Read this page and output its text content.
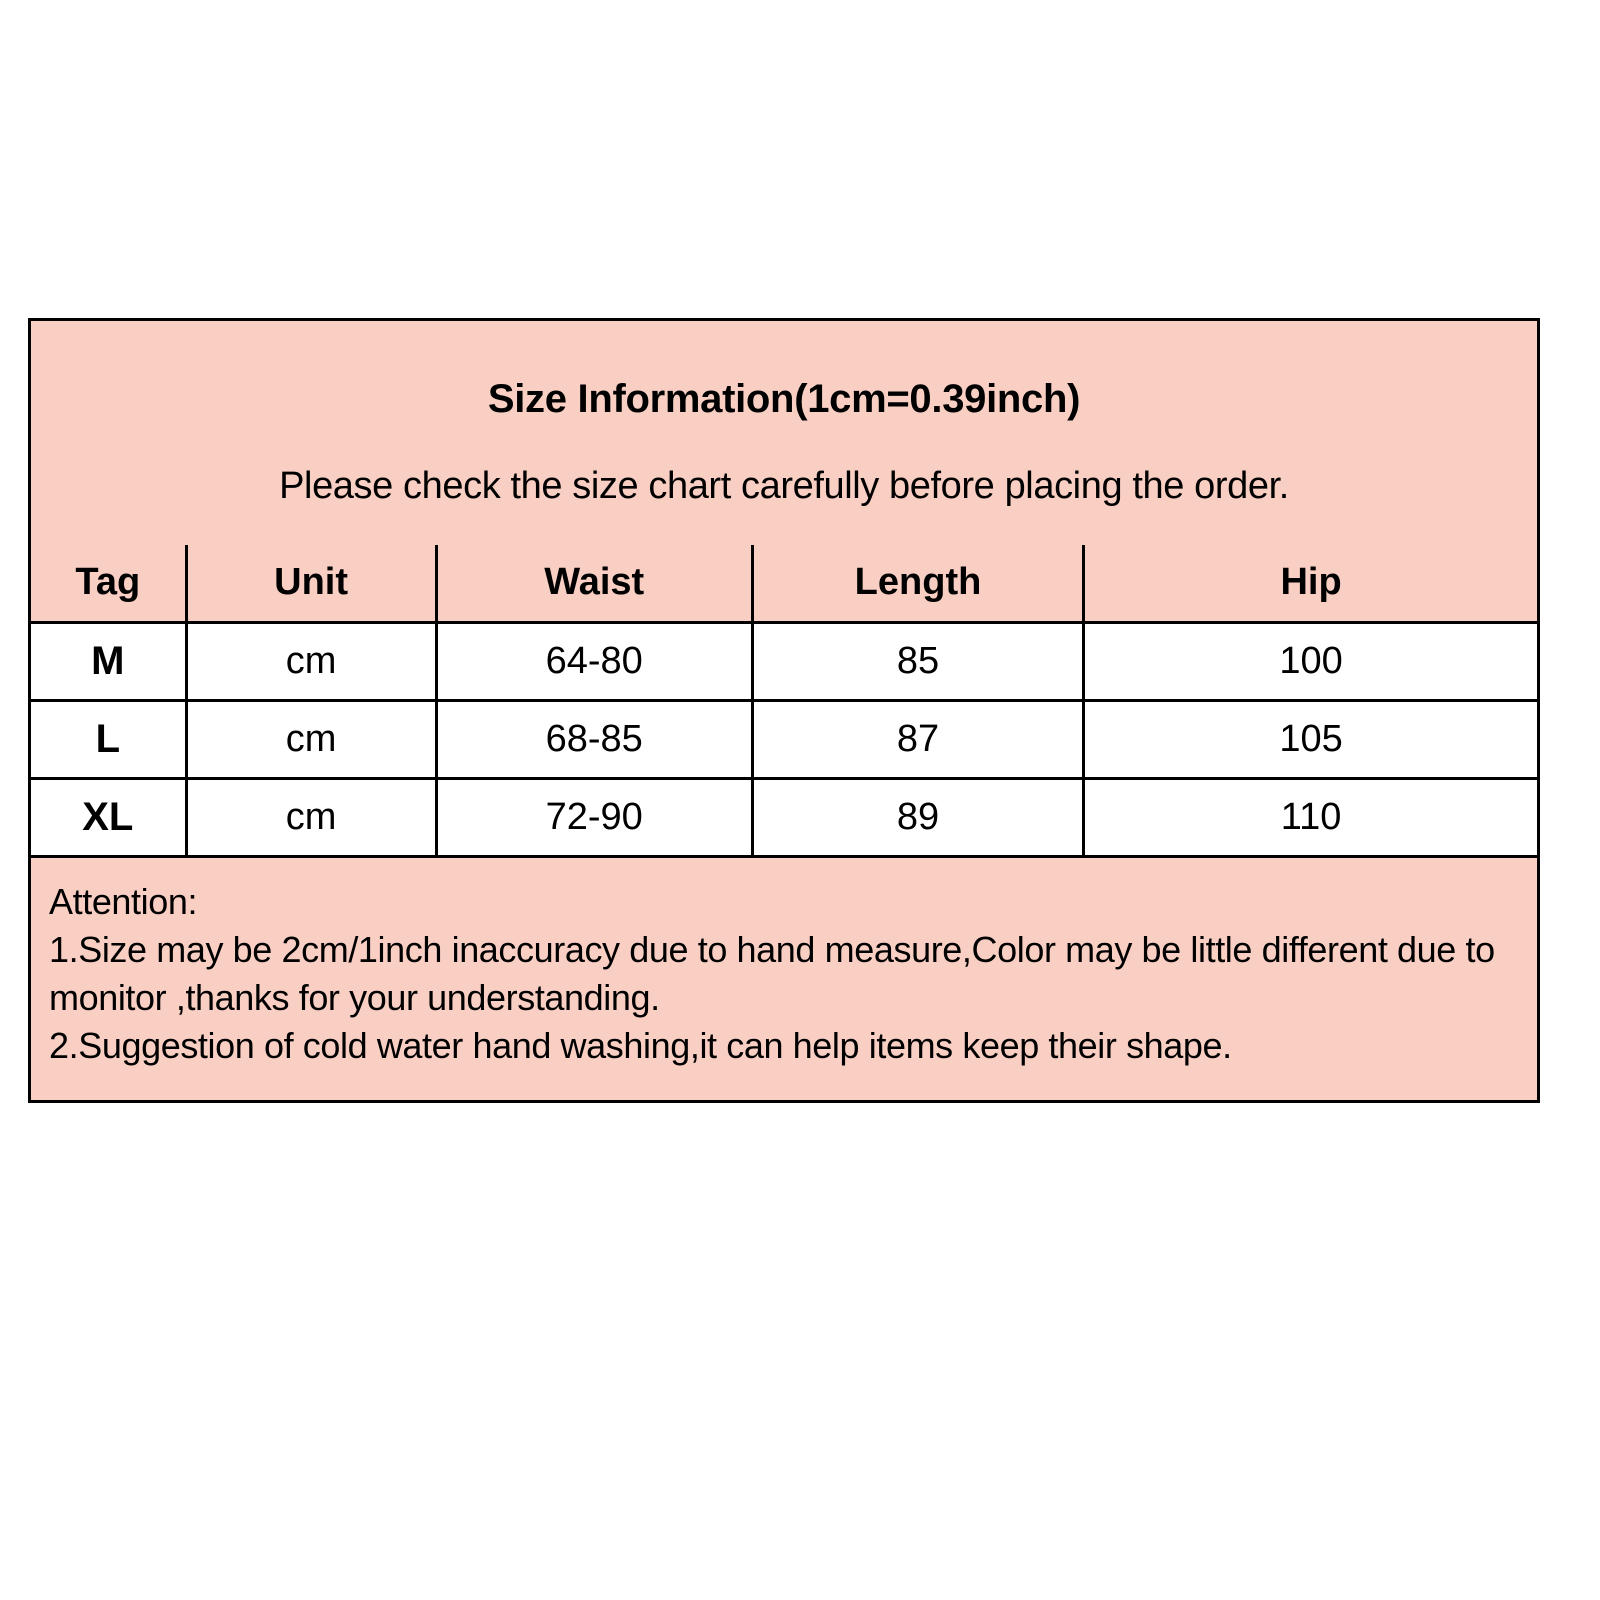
Size Information(1cm=0.39inch)
Please check the size chart carefully before placing the order.
Tag	Unit	Waist	Length	Hip
M	cm	64-80	85	100
L	cm	68-85	87	105
XL	cm	72-90	89	110

Attention:

1.Size may be 2cm/1inch inaccuracy due to hand measure,Color may be little different due to monitor ,thanks for your understanding.

2.Suggestion of cold water hand washing,it can help items keep their shape.
